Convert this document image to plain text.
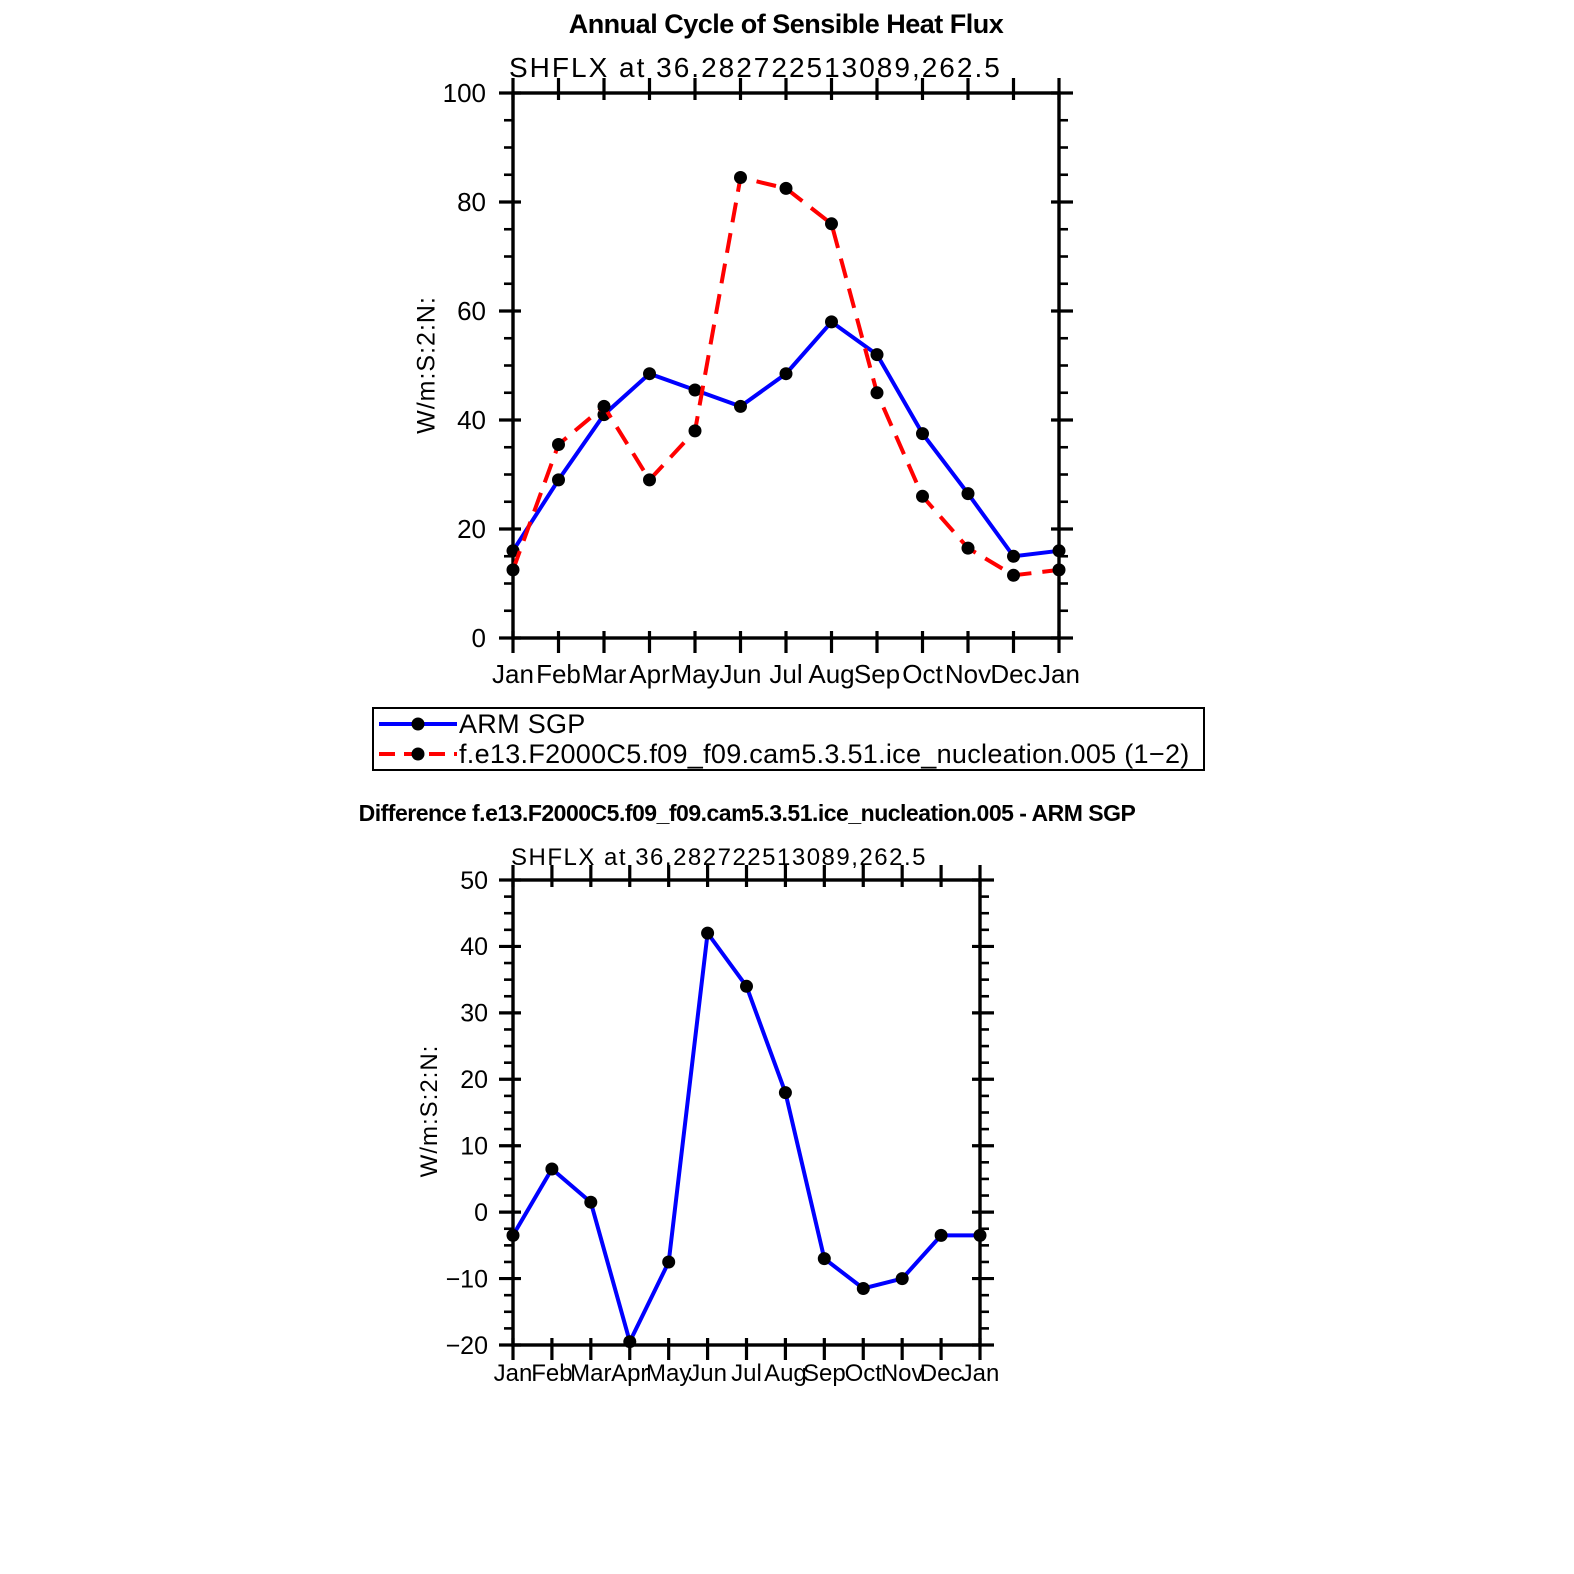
0
20
40
60
80
100
Jan Feb Mar Apr May Jun Jul Aug Sep Oct Nov Dec Jan
−20
−10
0
10
20
30
40
50
Jan
Feb
Mar Apr
May
Jun Jul Aug
Sep
Oct
Nov
Dec
Jan
Annual Cycle of Sensible Heat Flux
SHFLX at 36.282722513089,262.5
W/m:S:2:N:
ARM SGP
f.e13.F2000C5.f09_f09.cam5.3.51.ice_nucleation.005 (1−2)
Difference f.e13.F2000C5.f09_f09.cam5.3.51.ice_nucleation.005 - ARM SGP
SHFLX at 36.282722513089,262.5
W/m:S:2:N:
